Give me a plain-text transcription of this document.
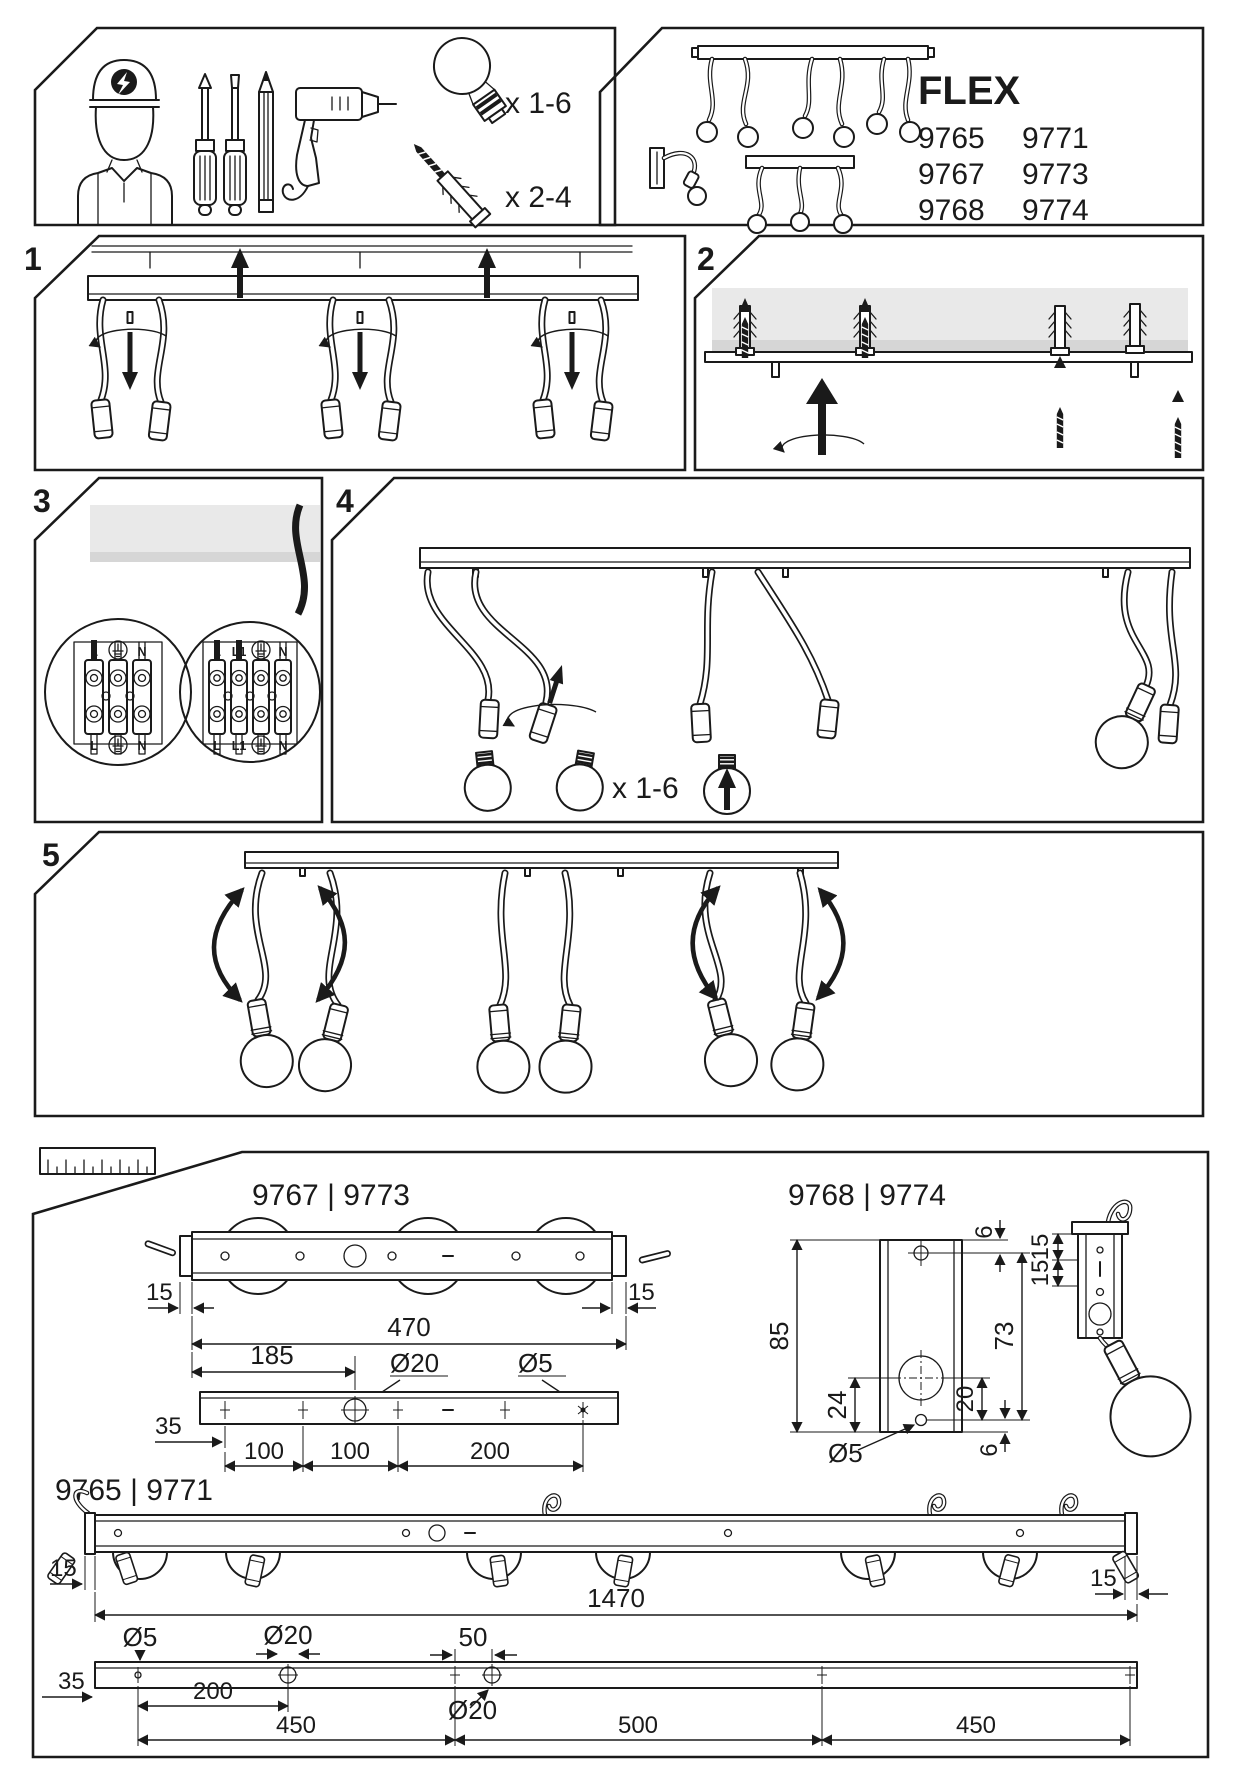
x 1-6
x 2-4
FLEX
9765 9771
9767 9773
9768 9774
1	2
3
L	N
L	N
L L1	N
L L1	N
4
x 1-6
5
9767 | 9773
15	15
470
185	Ø20	Ø5
35
100 100	200
9768 | 9774
6
85
24
Ø5
20
73
6
15
15
9765 | 9771
15	15
1470
Ø5	Ø20	50
35
Ø20
200
450	500	450
